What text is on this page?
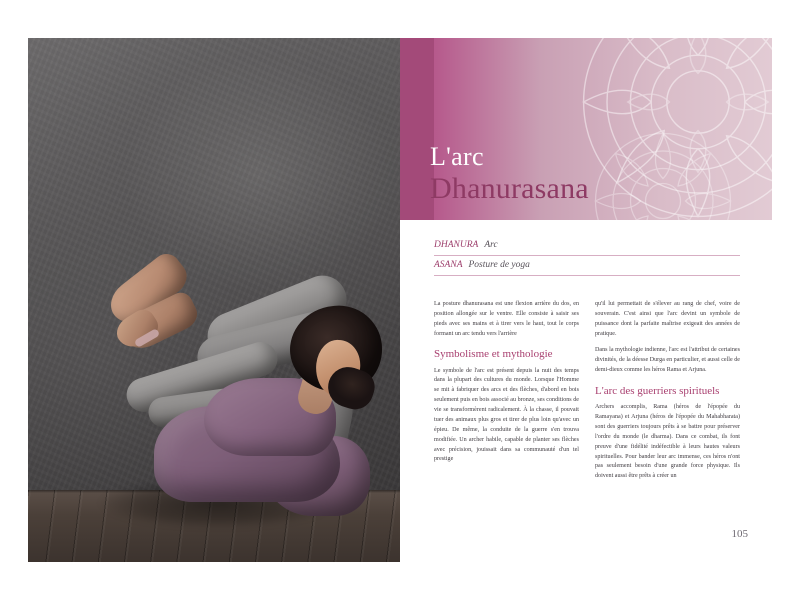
L'arc
Dhanurasana
DHANURA Arc
ASANA Posture de yoga

La posture dhanurasana est une flexion arrière du dos, en position allongée sur le ventre. Elle consiste à saisir ses pieds avec ses mains et à tirer vers le haut, tout le corps formant un arc tendu vers l'arrière

Symbolisme et mythologie

Le symbole de l'arc est présent depuis la nuit des temps dans la plupart des cultures du monde. Lorsque l'Homme se mit à fabriquer des arcs et des flèches, d'abord en bois seulement puis en bois associé au bronze, ses conditions de vie se transformèrent radicalement. À la chasse, il pouvait tuer des animaux plus gros et tirer de plus loin qu'avec un épieu. De même, la conduite de la guerre s'en trouva modifiée. Un archer habile, capable de planter ses flèches avec précision, jouissait dans sa communauté d'un tel prestige

qu'il lui permettait de s'élever au rang de chef, voire de souverain. C'est ainsi que l'arc devint un symbole de puissance dont la parfaite maîtrise exigeait des années de pratique.

Dans la mythologie indienne, l'arc est l'attribut de certaines divinités, de la déesse Durga en particulier, et aussi celle de demi-dieux comme les héros Rama et Arjuna.

L'arc des guerriers spirituels

Archers accomplis, Rama (héros de l'épopée du Ramayana) et Arjuna (héros de l'épopée du Mahabharata) sont des guerriers toujours prêts à se battre pour préserver l'ordre du monde (le dharma). Dans ce combat, ils font preuve d'une fidélité indéfectible à leurs hautes valeurs spirituelles. Pour bander leur arc immense, ces héros n'ont pas seulement besoin d'une grande force physique. Ils doivent aussi être prêts à créer un

105
